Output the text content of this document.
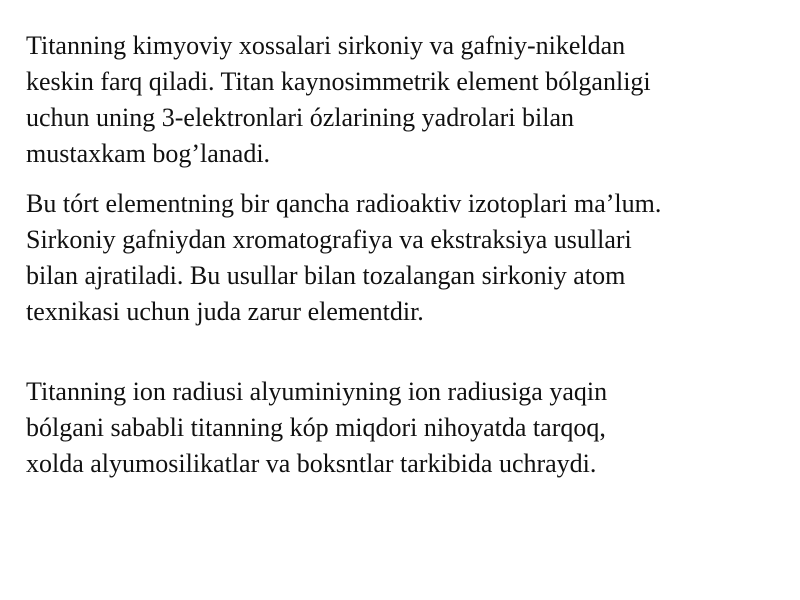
Titanning kimyoviy xossalari sirkoniy va gafniy-nikeldan
keskin farq qiladi. Titan kaynosimmetrik element bólganligi
uchun uning 3-elektronlari ózlarining yadrolari bilan
mustaxkam bog’lanadi.

Bu tórt elementning bir qancha radioaktiv izotoplari ma’lum.
Sirkoniy gafniydan xromatografiya va ekstraksiya usullari
bilan ajratiladi. Bu usullar bilan tozalangan sirkoniy atom
texnikasi uchun juda zarur elementdir.

Titanning ion radiusi alyuminiyning ion radiusiga yaqin
bólgani sababli titanning kóp miqdori nihoyatda tarqoq,
xolda alyumosilikatlar va boksntlar tarkibida uchraydi.
